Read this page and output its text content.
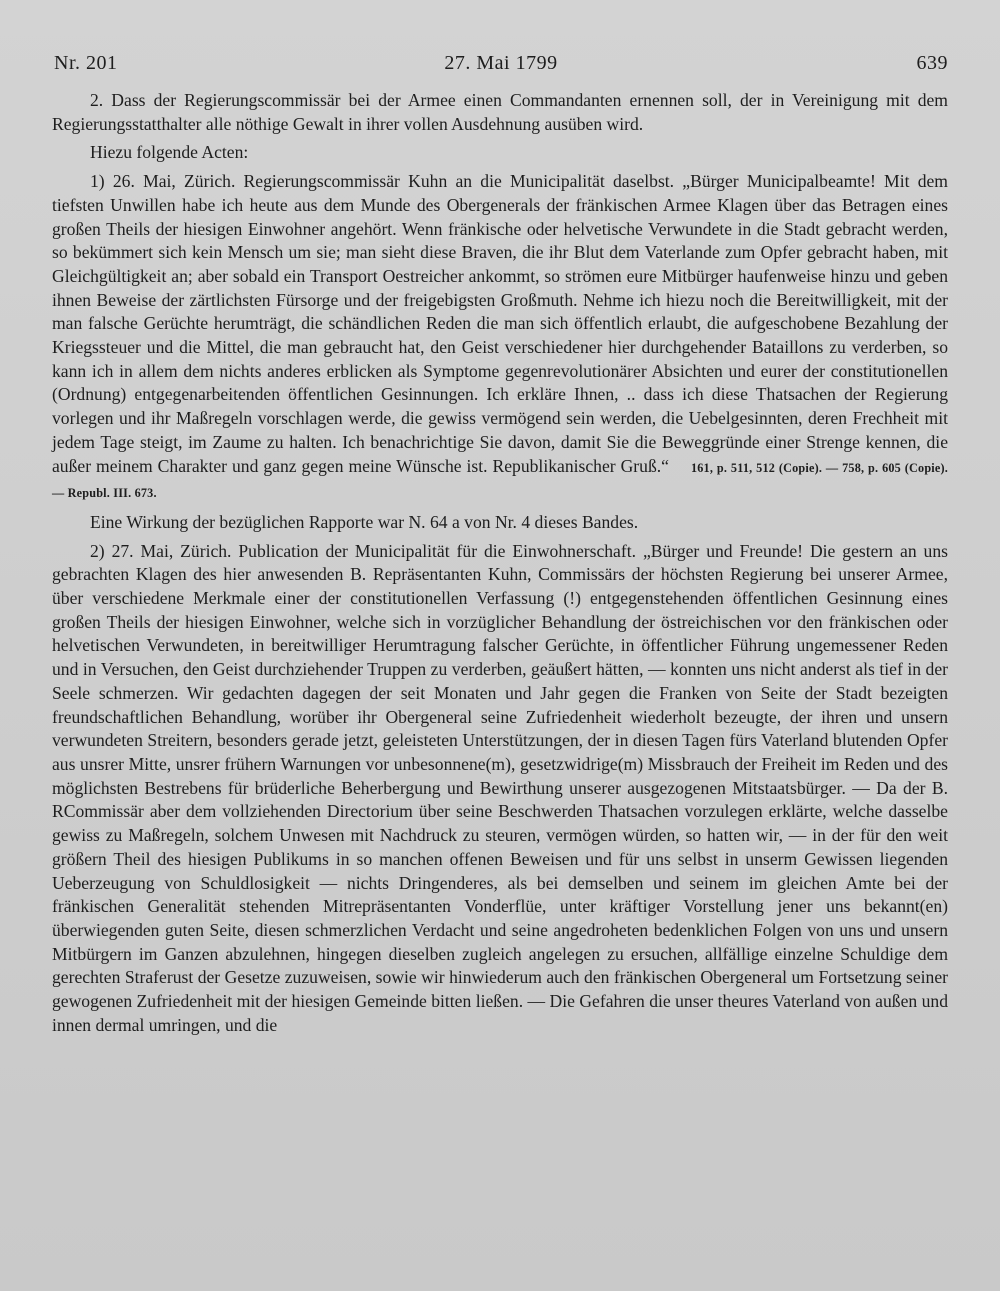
Nr. 201	27. Mai 1799	639

2. Dass der Regierungscommissär bei der Armee einen Commandanten ernennen soll, der in Vereinigung mit dem Regierungsstatthalter alle nöthige Gewalt in ihrer vollen Ausdehnung ausüben wird.

Hiezu folgende Acten:

1) 26. Mai, Zürich. Regierungscommissär Kuhn an die Municipalität daselbst. „Bürger Municipalbeamte! Mit dem tiefsten Unwillen habe ich heute aus dem Munde des Obergenerals der fränkischen Armee Klagen über das Betragen eines großen Theils der hiesigen Einwohner angehört. Wenn fränkische oder helvetische Verwundete in die Stadt gebracht werden, so bekümmert sich kein Mensch um sie; man sieht diese Braven, die ihr Blut dem Vaterlande zum Opfer gebracht haben, mit Gleichgültigkeit an; aber sobald ein Transport Oestreicher ankommt, so strömen eure Mitbürger haufenweise hinzu und geben ihnen Beweise der zärtlichsten Fürsorge und der freigebigsten Großmuth. Nehme ich hiezu noch die Bereitwilligkeit, mit der man falsche Gerüchte herumträgt, die schändlichen Reden die man sich öffentlich erlaubt, die aufgeschobene Bezahlung der Kriegssteuer und die Mittel, die man gebraucht hat, den Geist verschiedener hier durchgehender Bataillons zu verderben, so kann ich in allem dem nichts anderes erblicken als Symptome gegenrevolutionärer Absichten und eurer der constitutionellen (Ordnung) entgegenarbeitenden öffentlichen Gesinnungen. Ich erkläre Ihnen, .. dass ich diese Thatsachen der Regierung vorlegen und ihr Maßregeln vorschlagen werde, die gewiss vermögend sein werden, die Uebelgesinnten, deren Frechheit mit jedem Tage steigt, im Zaume zu halten. Ich benachrichtige Sie davon, damit Sie die Beweggründe einer Strenge kennen, die außer meinem Charakter und ganz gegen meine Wünsche ist. Republikanischer Gruß.“ 161, p. 511, 512 (Copie). — 758, p. 605 (Copie). — Republ. III. 673.

Eine Wirkung der bezüglichen Rapporte war N. 64 a von Nr. 4 dieses Bandes.

2) 27. Mai, Zürich. Publication der Municipalität für die Einwohnerschaft. „Bürger und Freunde! Die gestern an uns gebrachten Klagen des hier anwesenden B. Repräsentanten Kuhn, Commissärs der höchsten Regierung bei unserer Armee, über verschiedene Merkmale einer der constitutionellen Verfassung (!) entgegenstehenden öffentlichen Gesinnung eines großen Theils der hiesigen Einwohner, welche sich in vorzüglicher Behandlung der östreichischen vor den fränkischen oder helvetischen Verwundeten, in bereitwilliger Herumtragung falscher Gerüchte, in öffentlicher Führung ungemessener Reden und in Versuchen, den Geist durchziehender Truppen zu verderben, geäußert hätten, — konnten uns nicht anderst als tief in der Seele schmerzen. Wir gedachten dagegen der seit Monaten und Jahr gegen die Franken von Seite der Stadt bezeigten freundschaftlichen Behandlung, worüber ihr Obergeneral seine Zufriedenheit wiederholt bezeugte, der ihren und unsern verwundeten Streitern, besonders gerade jetzt, geleisteten Unterstützungen, der in diesen Tagen fürs Vaterland blutenden Opfer aus unsrer Mitte, unsrer frühern Warnungen vor unbesonnene(m), gesetzwidrige(m) Missbrauch der Freiheit im Reden und des möglichsten Bestrebens für brüderliche Beherbergung und Bewirthung unserer ausgezogenen Mitstaatsbürger. — Da der B. RCommissär aber dem vollziehenden Directorium über seine Beschwerden Thatsachen vorzulegen erklärte, welche dasselbe gewiss zu Maßregeln, solchem Unwesen mit Nachdruck zu steuren, vermögen würden, so hatten wir, — in der für den weit größern Theil des hiesigen Publikums in so manchen offenen Beweisen und für uns selbst in unserm Gewissen liegenden Ueberzeugung von Schuldlosigkeit — nichts Dringenderes, als bei demselben und seinem im gleichen Amte bei der fränkischen Generalität stehenden Mitrepräsentanten Vonderflüe, unter kräftiger Vorstellung jener uns bekannt(en) überwiegenden guten Seite, diesen schmerzlichen Verdacht und seine angedroheten bedenklichen Folgen von uns und unsern Mitbürgern im Ganzen abzulehnen, hingegen dieselben zugleich angelegen zu ersuchen, allfällige einzelne Schuldige dem gerechten Straferust der Gesetze zuzuweisen, sowie wir hinwiederum auch den fränkischen Obergeneral um Fortsetzung seiner gewogenen Zufriedenheit mit der hiesigen Gemeinde bitten ließen. — Die Gefahren die unser theures Vaterland von außen und innen dermal umringen, und die
